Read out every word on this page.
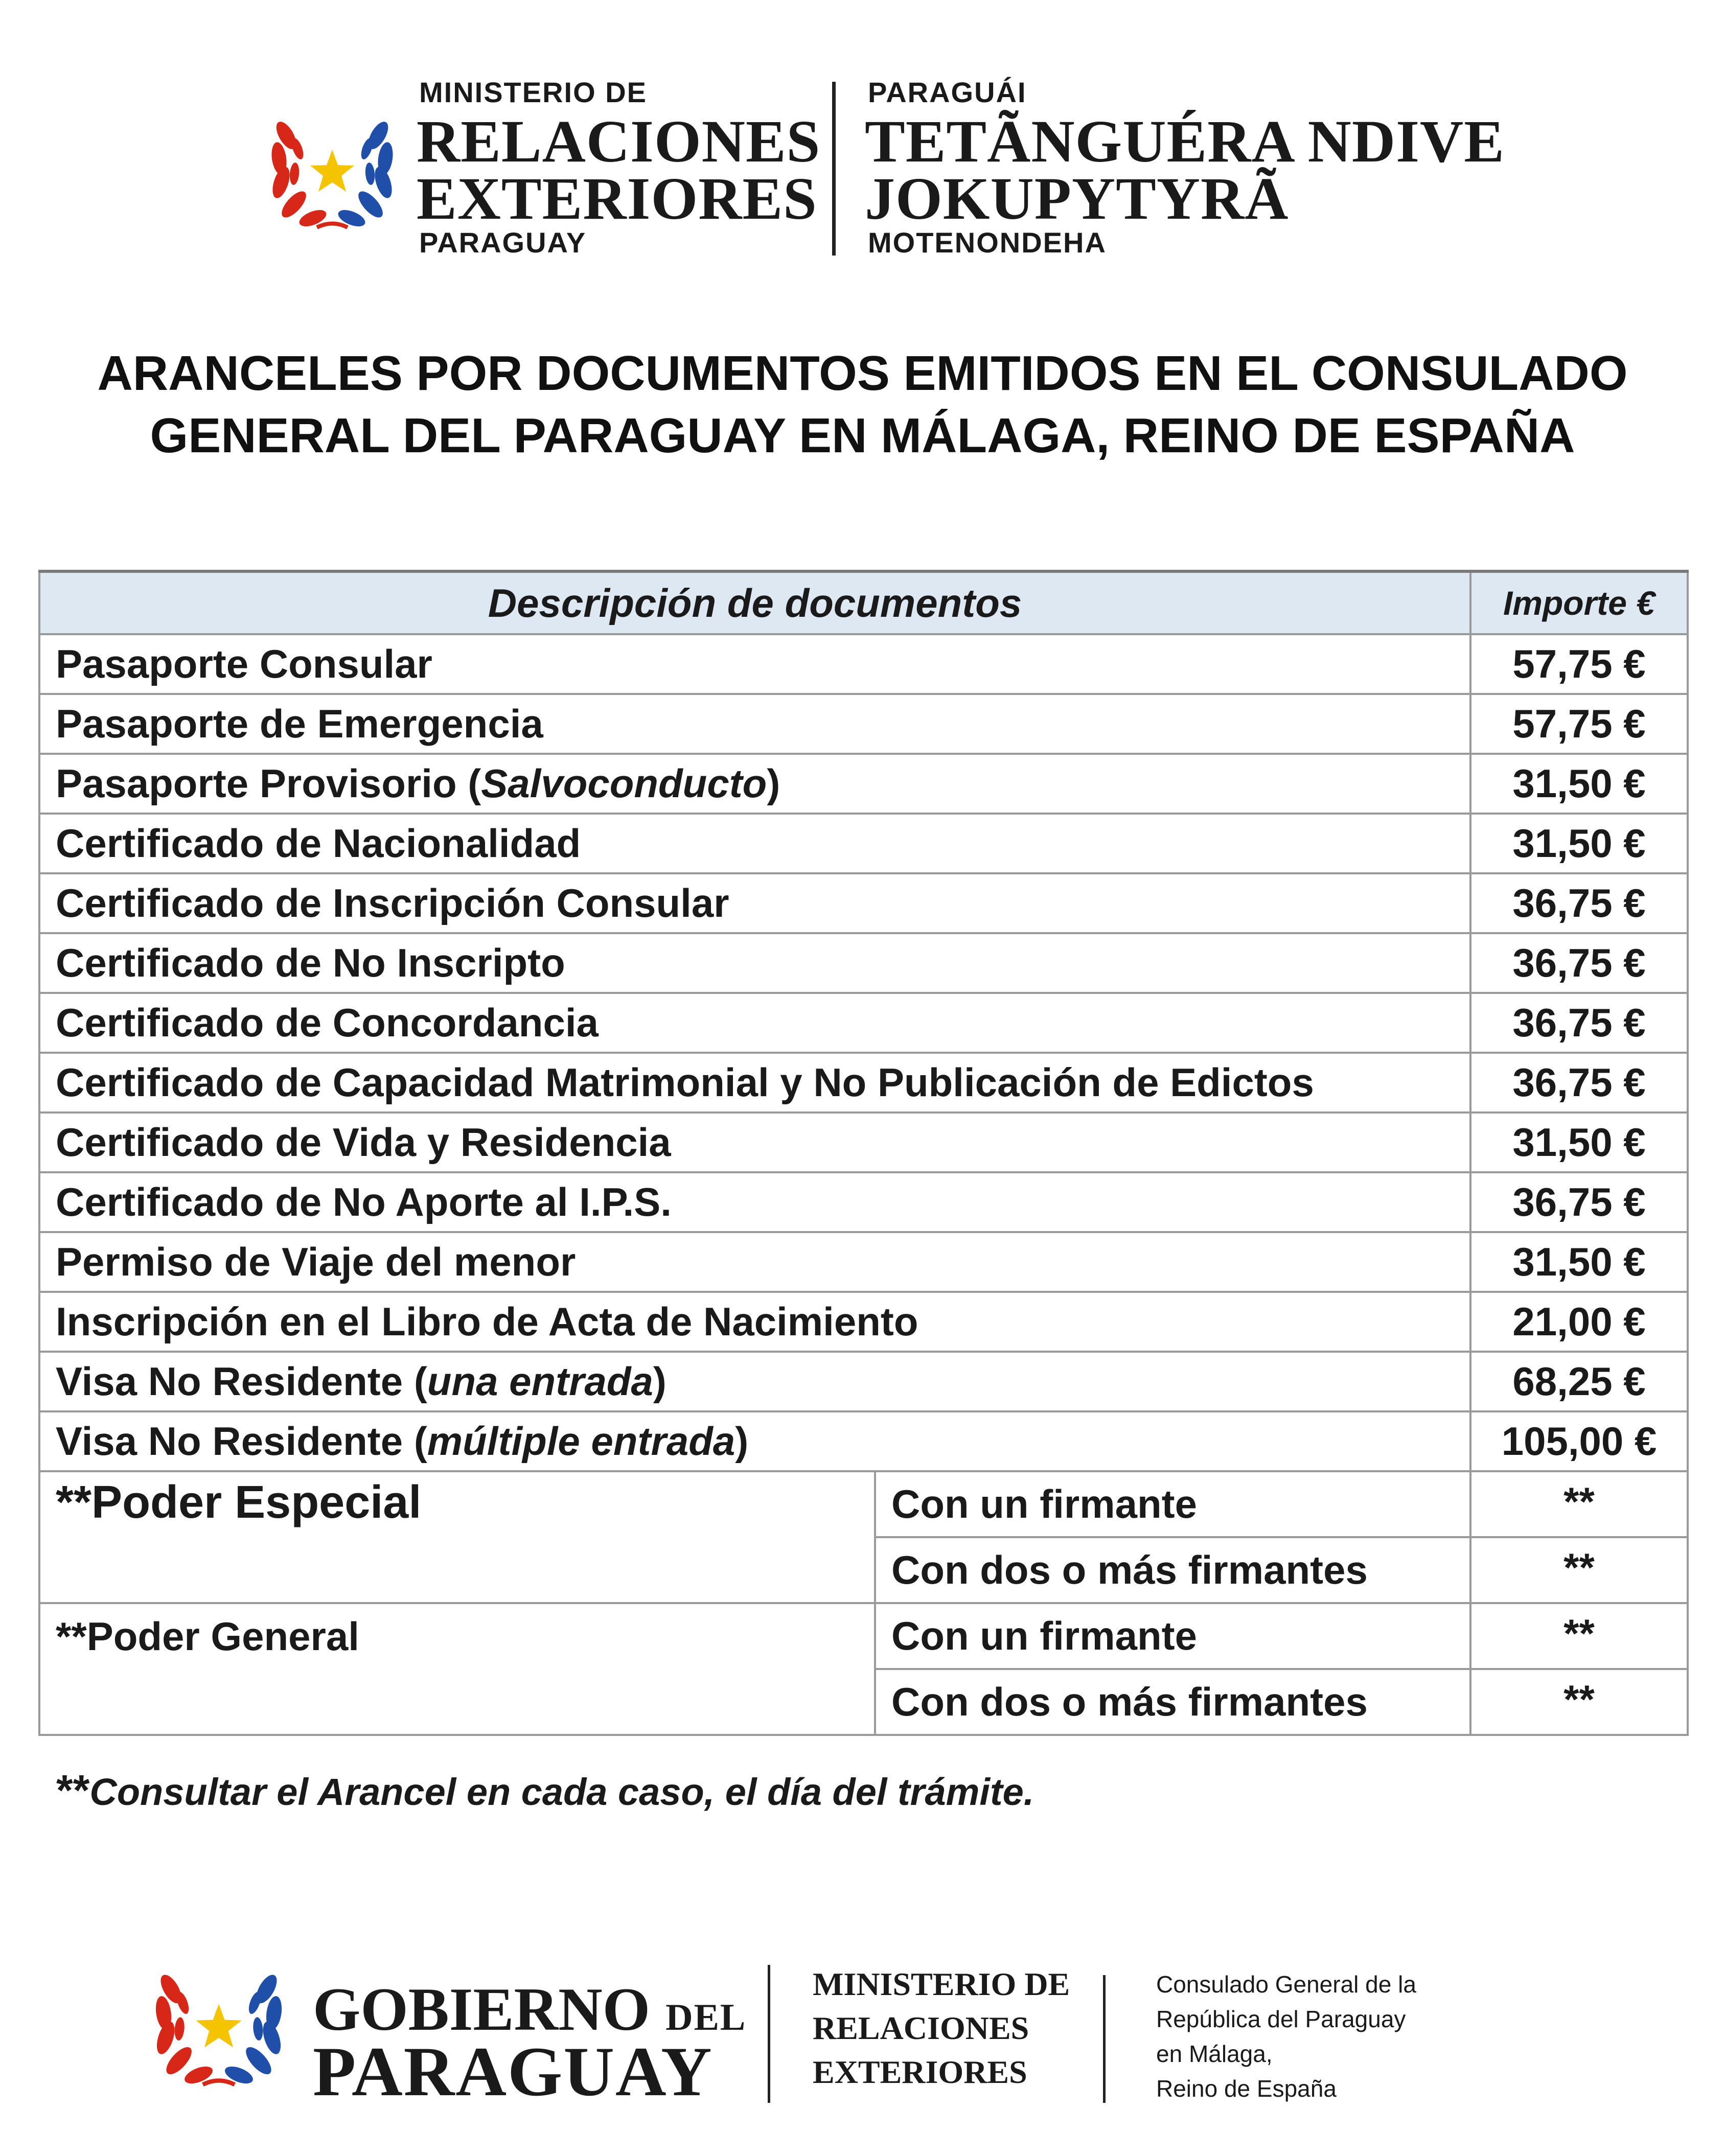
MINISTERIO DE
RELACIONES
EXTERIORES
PARAGUAY
PARAGUÁI
TETÃNGUÉRA NDIVE
JOKUPYTYRÃ
MOTENONDEHA
ARANCELES POR DOCUMENTOS EMITIDOS EN EL CONSULADO
GENERAL DEL PARAGUAY EN MÁLAGA, REINO DE ESPAÑA
Descripción de documentos		Importe €
Pasaporte Consular		57,75 €
Pasaporte de Emergencia		57,75 €
Pasaporte Provisorio (Salvoconducto)		31,50 €
Certificado de Nacionalidad		31,50 €
Certificado de Inscripción Consular		36,75 €
Certificado de No Inscripto		36,75 €
Certificado de Concordancia		36,75 €
Certificado de Capacidad Matrimonial y No Publicación de Edictos		36,75 €
Certificado de Vida y Residencia		31,50 €
Certificado de No Aporte al I.P.S.		36,75 €
Permiso de Viaje del menor		31,50 €
Inscripción en el Libro de Acta de Nacimiento		21,00 €
Visa No Residente (una entrada)		68,25 €
Visa No Residente (múltiple entrada)		105,00 €
**Poder Especial	Con un firmante	**
	Con dos o más firmantes	**
**Poder General	Con un firmante	**
	Con dos o más firmantes	**
**Consultar el Arancel en cada caso, el día del trámite.
GOBIERNO DEL
PARAGUAY
MINISTERIO DE
RELACIONES
EXTERIORES
Consulado General de la
República del Paraguay
en Málaga,
Reino de España
